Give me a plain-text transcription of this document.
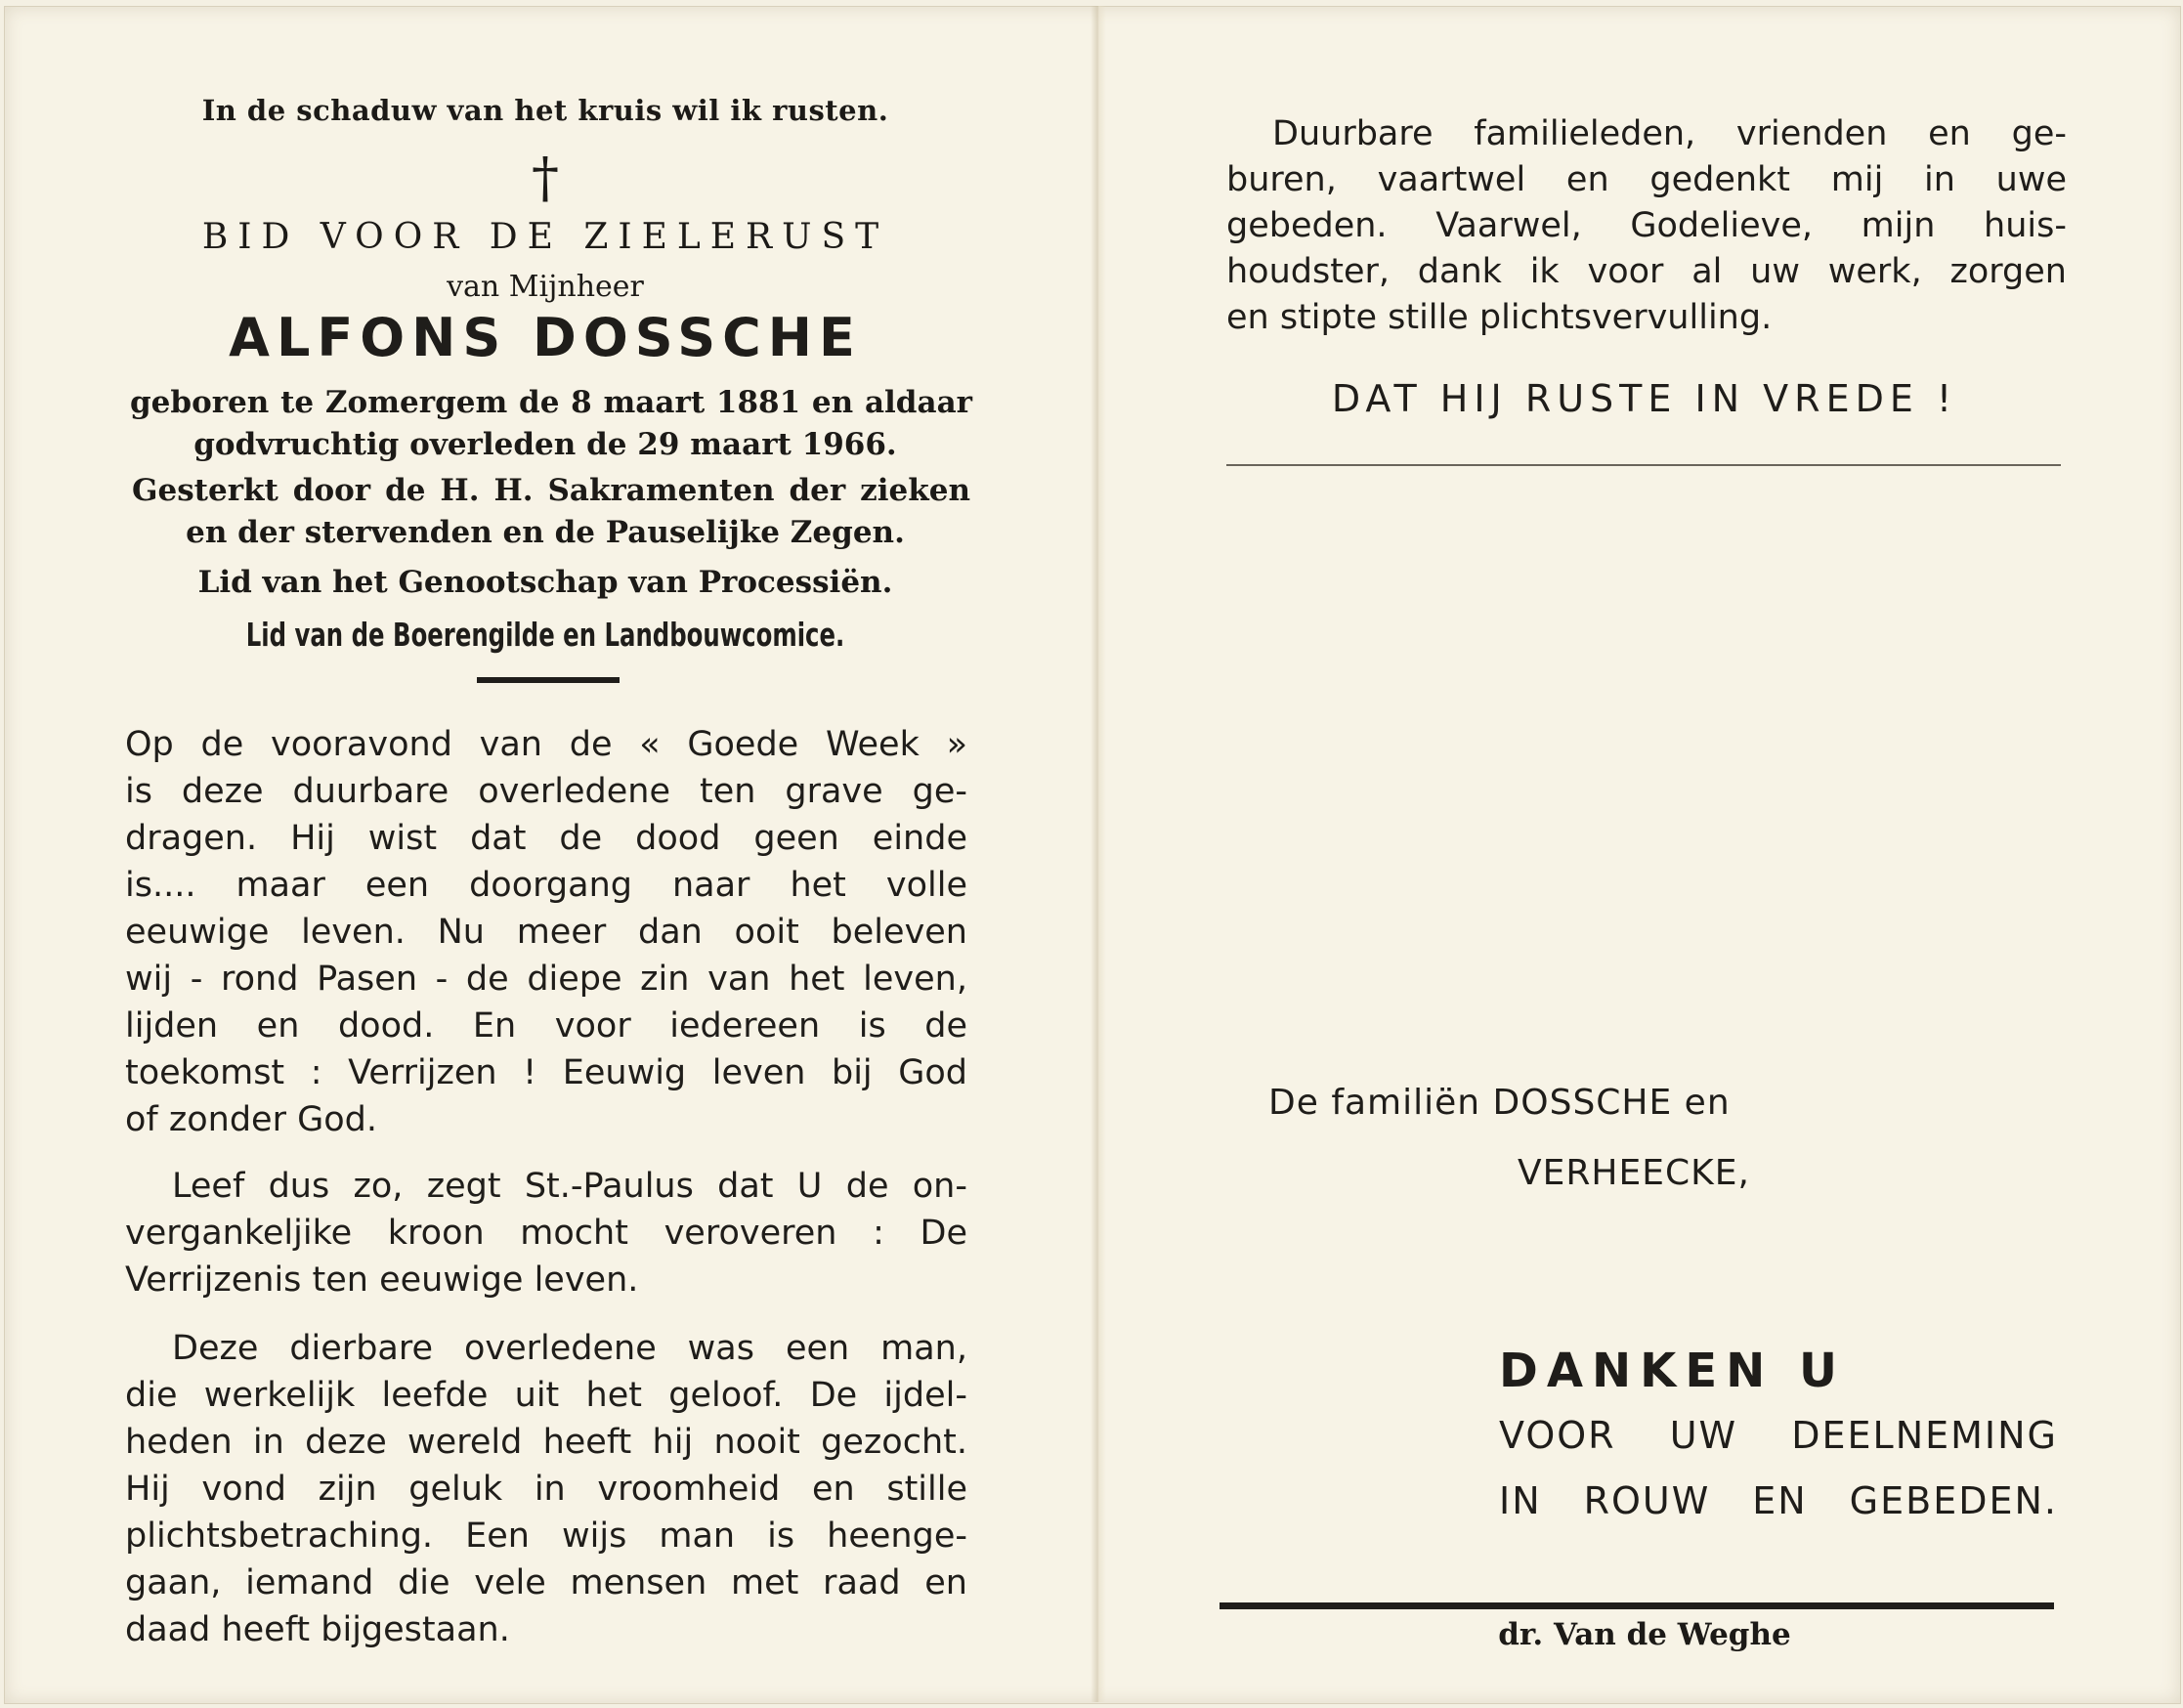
In de schaduw van het kruis wil ik rusten.
†
BID VOOR DE ZIELERUST
van Mijnheer
ALFONS DOSSCHE
geboren te Zomergem de 8 maart 1881 en aldaar
godvruchtig overleden de 29 maart 1966.
Gesterkt door de H. H. Sakramenten der zieken
en der stervenden en de Pauselijke Zegen.
Lid van het Genootschap van Processiën.
Lid van de Boerengilde en Landbouwcomice.
Op de vooravond van de « Goede Week »
is deze duurbare overledene ten grave ge-
dragen. Hij wist dat de dood geen einde
is.... maar een doorgang naar het volle
eeuwige leven. Nu meer dan ooit beleven
wij - rond Pasen - de diepe zin van het leven,
lijden en dood. En voor iedereen is de
toekomst : Verrijzen ! Eeuwig leven bij God
of zonder God.
Leef dus zo, zegt St.-Paulus dat U de on-
vergankeljike kroon mocht veroveren : De
Verrijzenis ten eeuwige leven.
Deze dierbare overledene was een man,
die werkelijk leefde uit het geloof. De ijdel-
heden in deze wereld heeft hij nooit gezocht.
Hij vond zijn geluk in vroomheid en stille
plichtsbetraching. Een wijs man is heenge-
gaan, iemand die vele mensen met raad en
daad heeft bijgestaan.
Duurbare familieleden, vrienden en ge-
buren, vaartwel en gedenkt mij in uwe
gebeden. Vaarwel, Godelieve, mijn huis-
houdster, dank ik voor al uw werk, zorgen
en stipte stille plichtsvervulling.
DAT HIJ RUSTE IN VREDE !
De familiën DOSSCHE en
VERHEECKE,
DANKEN U
VOOR UW DEELNEMING
IN ROUW EN GEBEDEN.
dr. Van de Weghe
